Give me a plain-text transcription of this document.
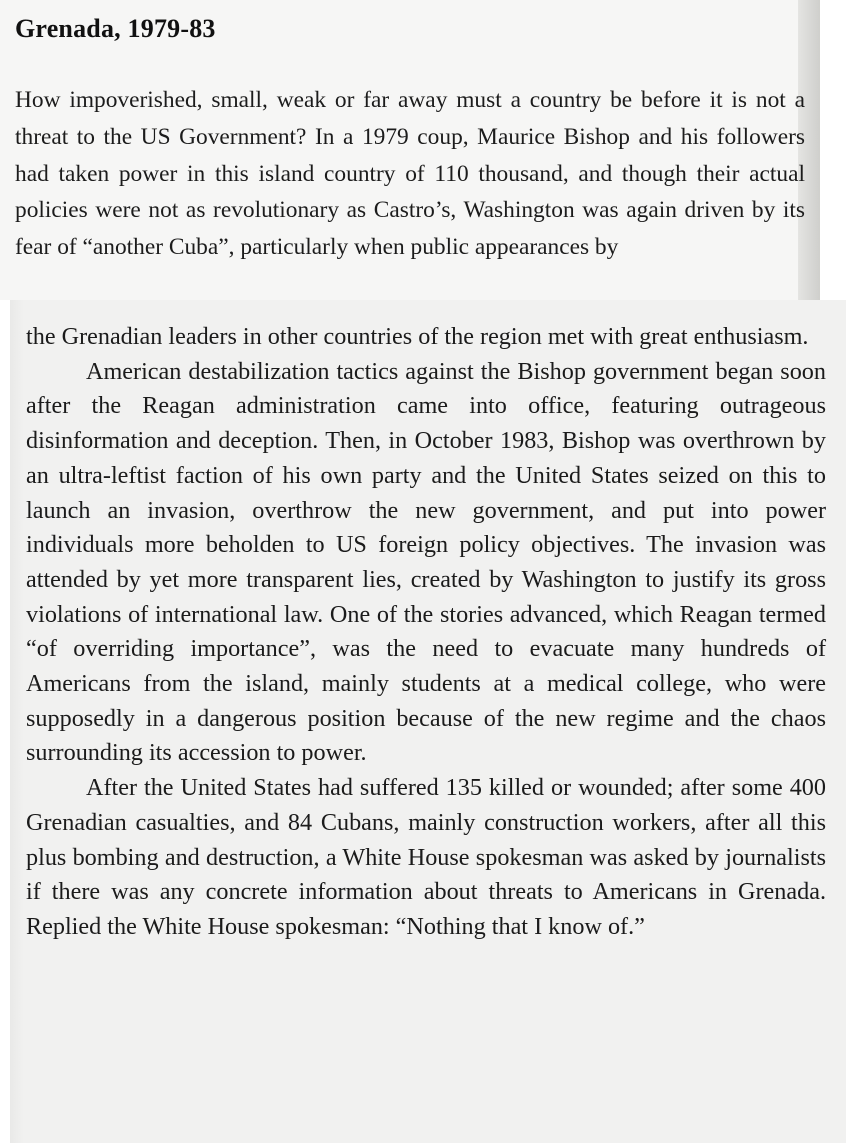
Grenada, 1979-83

How impoverished, small, weak or far away must a country be before it is not a threat to the US Government? In a 1979 coup, Maurice Bishop and his followers had taken power in this island country of 110 thousand, and though their actual policies were not as revolutionary as Castro’s, Washington was again driven by its fear of “another Cuba”, particularly when public appearances by

the Grenadian leaders in other countries of the region met with great enthusiasm.

American destabilization tactics against the Bishop government began soon after the Reagan administration came into office, featuring outrageous disinformation and deception. Then, in October 1983, Bishop was overthrown by an ultra-leftist faction of his own party and the United States seized on this to launch an invasion, overthrow the new government, and put into power individuals more beholden to US foreign policy objectives. The invasion was attended by yet more transparent lies, created by Washington to justify its gross violations of international law. One of the stories advanced, which Reagan termed “of overriding importance”, was the need to evacuate many hundreds of Americans from the island, mainly students at a medical college, who were supposedly in a dangerous position because of the new regime and the chaos surrounding its accession to power.

After the United States had suffered 135 killed or wounded; after some 400 Grenadian casualties, and 84 Cubans, mainly construction workers, after all this plus bombing and destruction, a White House spokesman was asked by journalists if there was any concrete information about threats to Americans in Grenada. Replied the White House spokesman: “Nothing that I know of.”
